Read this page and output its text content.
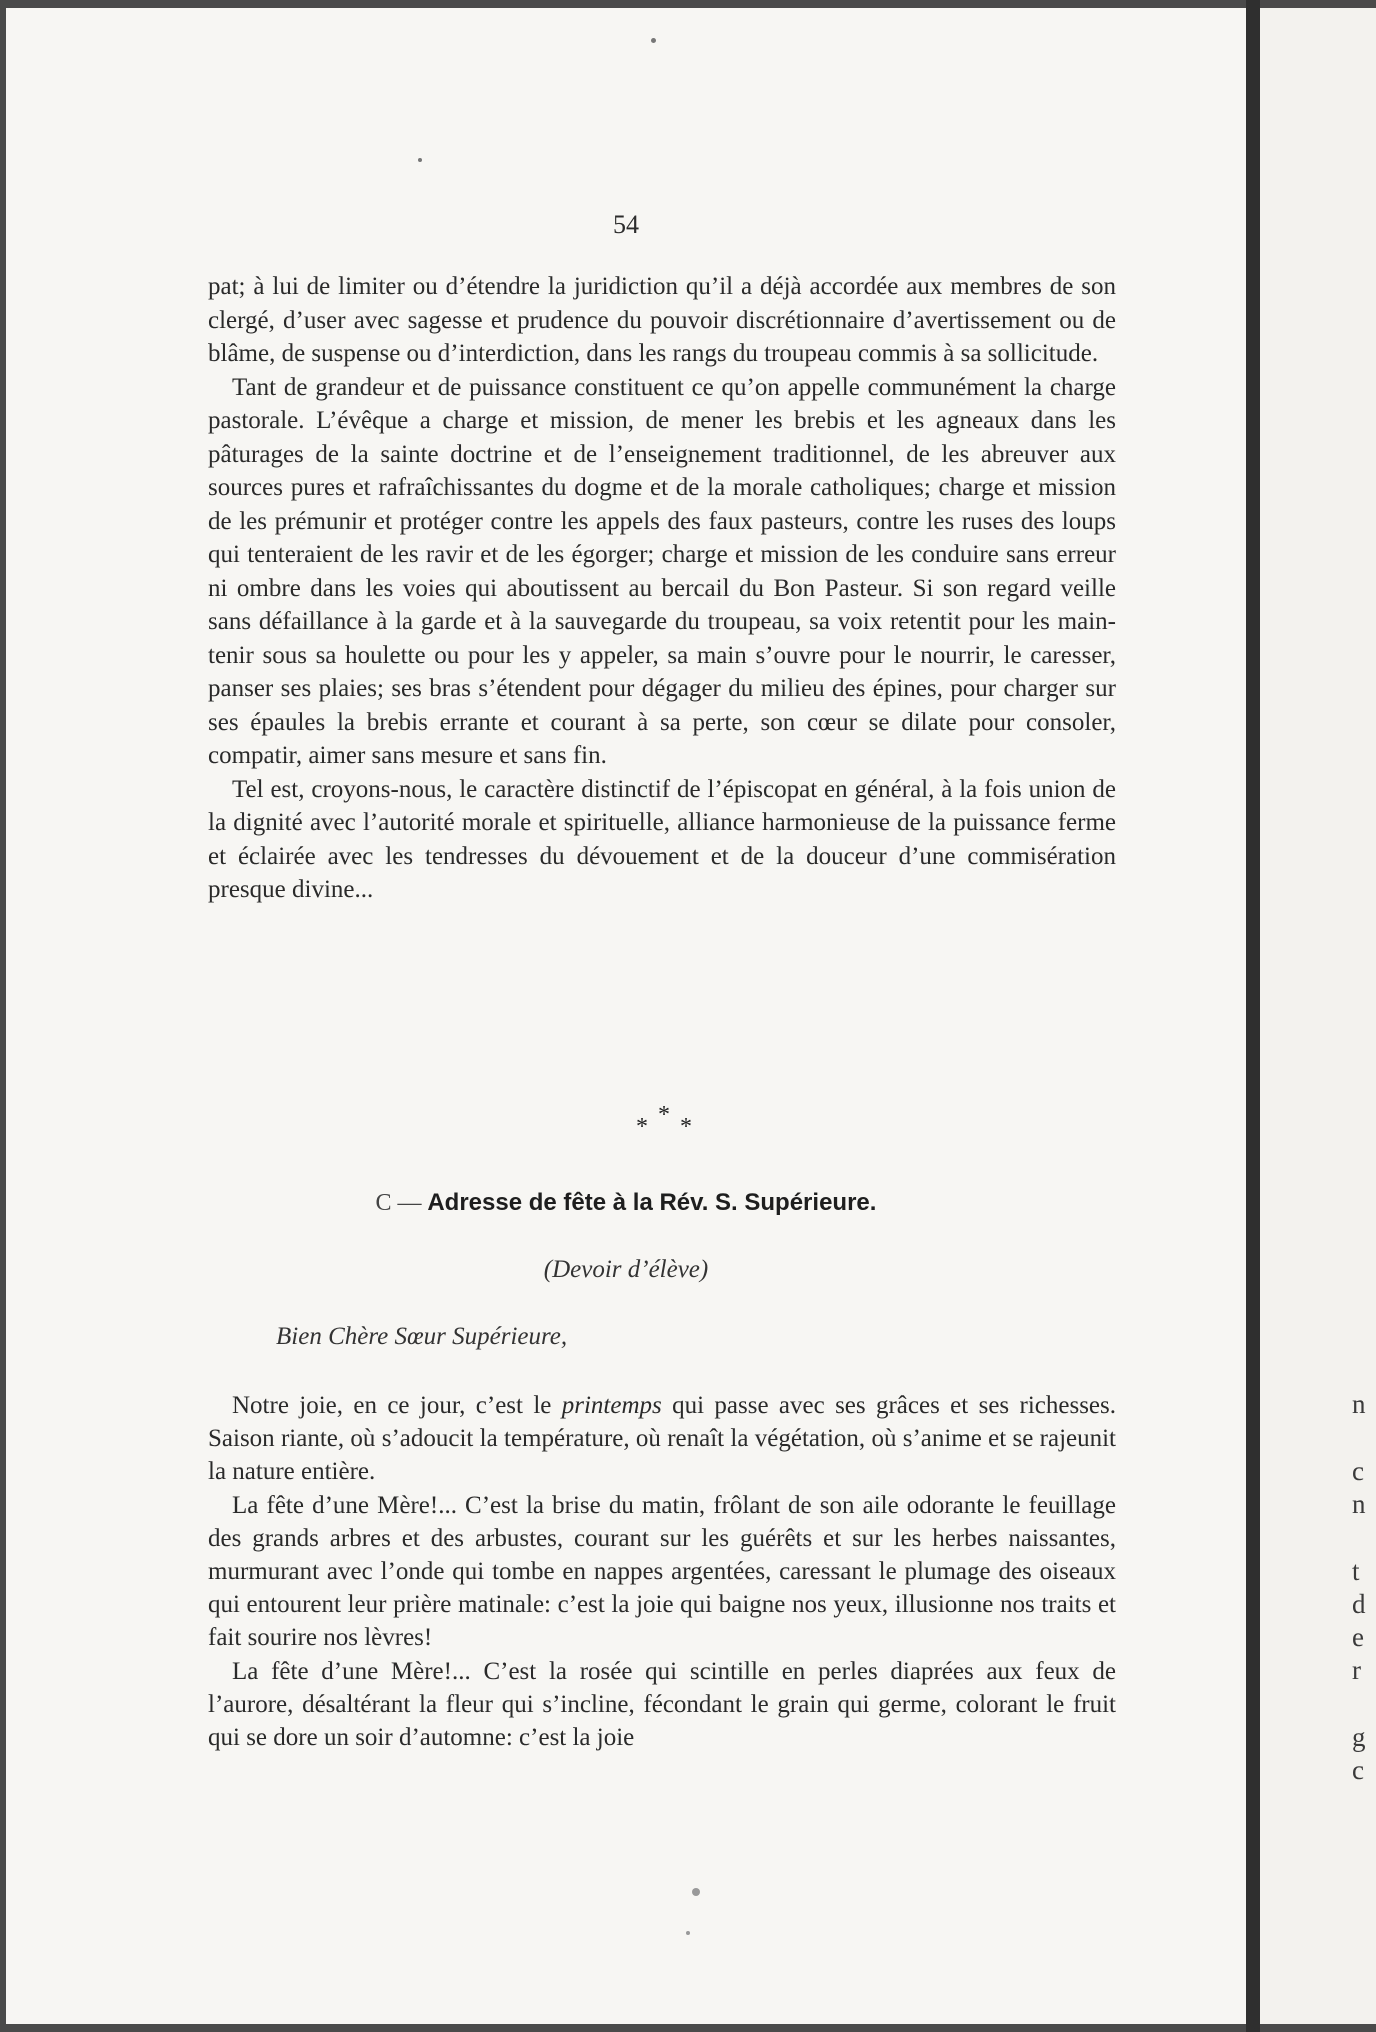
54

pat; à lui de limiter ou d’étendre la juridiction qu’il a déjà accordée aux membres de son clergé, d’user avec sagesse et prudence du pouvoir discrétionnaire d’avertissement ou de blâme, de suspense ou d’interdiction, dans les rangs du troupeau commis à sa sollicitude.

Tant de grandeur et de puissance constituent ce qu’on appelle communément la charge pastorale. L’évêque a charge et mission, de mener les brebis et les agneaux dans les pâturages de la sainte doctrine et de l’enseignement traditionnel, de les abreuver aux sources pures et rafraîchissantes du dogme et de la morale catholiques; charge et mission de les prémunir et protéger contre les appels des faux pasteurs, contre les ruses des loups qui tenteraient de les ravir et de les égorger; charge et mission de les conduire sans erreur ni ombre dans les voies qui aboutissent au bercail du Bon Pasteur. Si son regard veille sans défaillance à la garde et à la sauvegarde du troupeau, sa voix retentit pour les maintenir sous sa houlette ou pour les y appeler, sa main s’ouvre pour le nourrir, le caresser, panser ses plaies; ses bras s’étendent pour dégager du milieu des épines, pour charger sur ses épaules la brebis errante et courant à sa perte, son cœur se dilate pour consoler, compatir, aimer sans mesure et sans fin.

Tel est, croyons-nous, le caractère distinctif de l’épiscopat en général, à la fois union de la dignité avec l’autorité morale et spirituelle, alliance harmonieuse de la puissance ferme et éclairée avec les tendresses du dévouement et de la douceur d’une commisération presque divine...

*
* *
C — Adresse de fête à la Rév. S. Supérieure.
(Devoir d’élève)
Bien Chère Sœur Supérieure,

Notre joie, en ce jour, c’est le printemps qui passe avec ses grâces et ses richesses. Saison riante, où s’adoucit la température, où renaît la végétation, où s’anime et se rajeunit la nature entière.

La fête d’une Mère!... C’est la brise du matin, frôlant de son aile odorante le feuillage des grands arbres et des arbustes, courant sur les guérêts et sur les herbes naissantes, murmurant avec l’onde qui tombe en nappes argentées, caressant le plumage des oiseaux qui entourent leur prière matinale: c’est la joie qui baigne nos yeux, illusionne nos traits et fait sourire nos lèvres!

La fête d’une Mère!... C’est la rosée qui scintille en perles diaprées aux feux de l’aurore, désaltérant la fleur qui s’incline, fécondant le grain qui germe, colorant le fruit qui se dore un soir d’automne: c’est la joie

n
c
n
t
d
e
r
g
c
